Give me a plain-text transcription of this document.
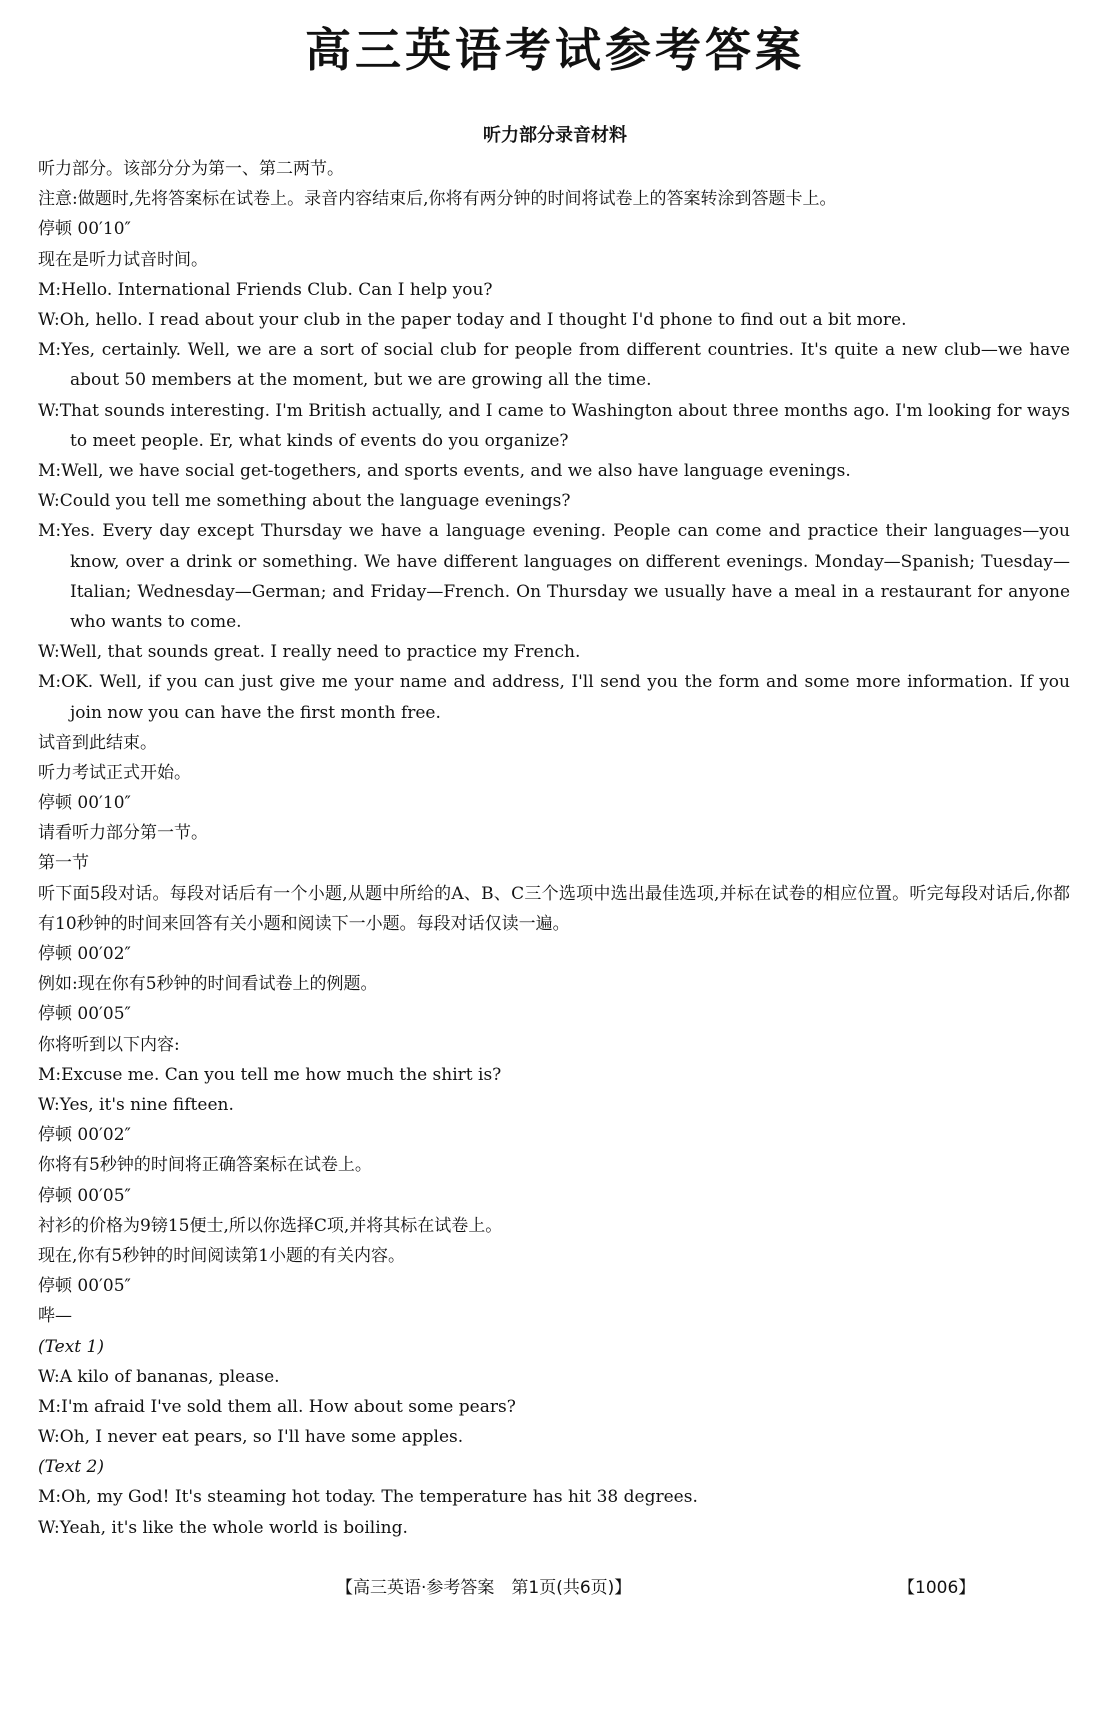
高三英语考试参考答案
听力部分录音材料
听力部分。该部分分为第一、第二两节。
注意:做题时,先将答案标在试卷上。录音内容结束后,你将有两分钟的时间将试卷上的答案转涂到答题卡上。
停顿 00′10″
现在是听力试音时间。
M:Hello. International Friends Club. Can I help you?
W:Oh, hello. I read about your club in the paper today and I thought I'd phone to find out a bit more.
M:Yes, certainly. Well, we are a sort of social club for people from different countries. It's quite a new club—we have about 50 members at the moment, but we are growing all the time.
W:That sounds interesting. I'm British actually, and I came to Washington about three months ago. I'm looking for ways to meet people. Er, what kinds of events do you organize?
M:Well, we have social get-togethers, and sports events, and we also have language evenings.
W:Could you tell me something about the language evenings?
M:Yes. Every day except Thursday we have a language evening. People can come and practice their languages—you know, over a drink or something. We have different languages on different evenings. Monday—Spanish; Tuesday—Italian; Wednesday—German; and Friday—French. On Thursday we usually have a meal in a restaurant for anyone who wants to come.
W:Well, that sounds great. I really need to practice my French.
M:OK. Well, if you can just give me your name and address, I'll send you the form and some more information. If you join now you can have the first month free.
试音到此结束。
听力考试正式开始。
停顿 00′10″
请看听力部分第一节。
第一节
听下面5段对话。每段对话后有一个小题,从题中所给的A、B、C三个选项中选出最佳选项,并标在试卷的相应位置。听完每段对话后,你都有10秒钟的时间来回答有关小题和阅读下一小题。每段对话仅读一遍。
停顿 00′02″
例如:现在你有5秒钟的时间看试卷上的例题。
停顿 00′05″
你将听到以下内容:
M:Excuse me. Can you tell me how much the shirt is?
W:Yes, it's nine fifteen.
停顿 00′02″
你将有5秒钟的时间将正确答案标在试卷上。
停顿 00′05″
衬衫的价格为9镑15便士,所以你选择C项,并将其标在试卷上。
现在,你有5秒钟的时间阅读第1小题的有关内容。
停顿 00′05″
哔—
(Text 1)
W:A kilo of bananas, please.
M:I'm afraid I've sold them all. How about some pears?
W:Oh, I never eat pears, so I'll have some apples.
(Text 2)
M:Oh, my God! It's steaming hot today. The temperature has hit 38 degrees.
W:Yeah, it's like the whole world is boiling.
【高三英语·参考答案　第1页(共6页)】	【1006】
